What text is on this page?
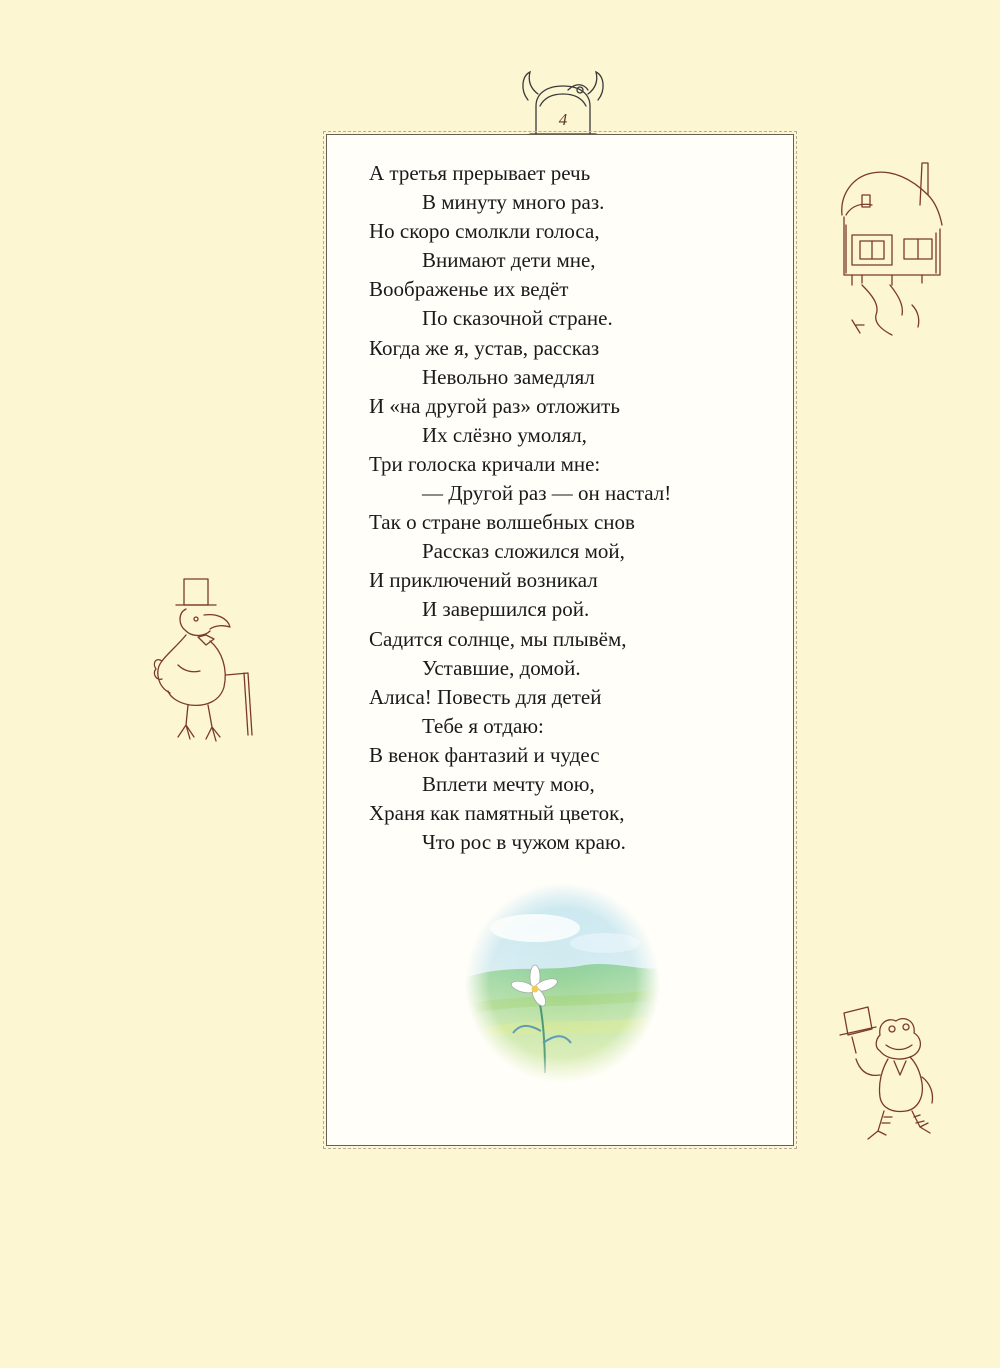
4
А третья прерывает речь
В минуту много раз.
Но скоро смолкли голоса,
Внимают дети мне,
Воображенье их ведёт
По сказочной стране.
Когда же я, устав, рассказ
Невольно замедлял
И «на другой раз» отложить
Их слёзно умолял,
Три голоска кричали мне:
— Другой раз — он настал!
Так о стране волшебных снов
Рассказ сложился мой,
И приключений возникал
И завершился рой.
Садится солнце, мы плывём,
Уставшие, домой.
Алиса! Повесть для детей
Тебе я отдаю:
В венок фантазий и чудес
Вплети мечту мою,
Храня как памятный цветок,
Что рос в чужом краю.
